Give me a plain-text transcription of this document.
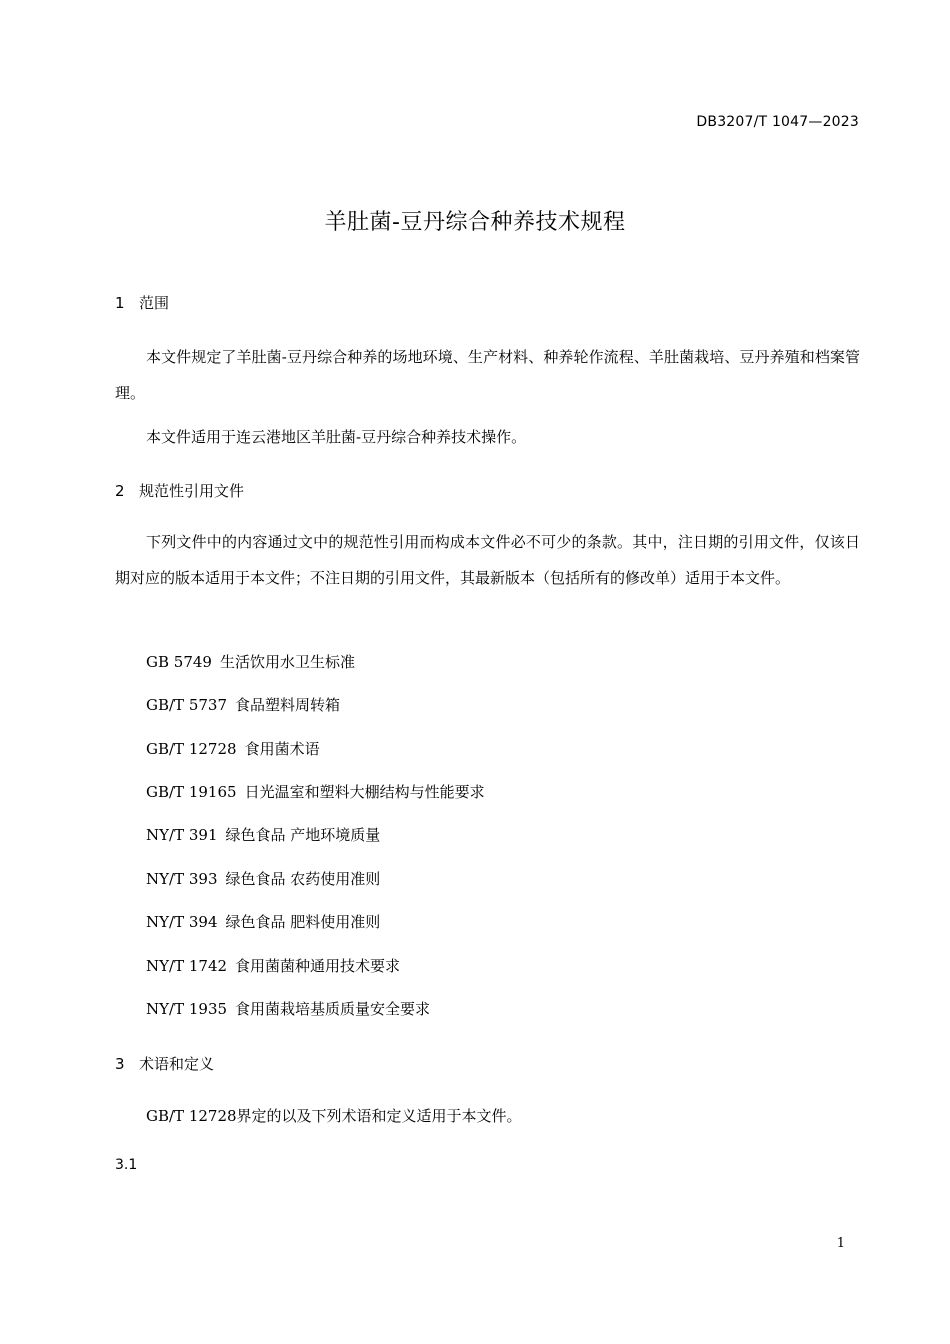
DB3207/T 1047—2023
羊肚菌-豆丹综合种养技术规程
1 范围
本文件规定了羊肚菌-豆丹综合种养的场地环境、生产材料、种养轮作流程、羊肚菌栽培、豆丹养殖和档案管理。
本文件适用于连云港地区羊肚菌-豆丹综合种养技术操作。
2 规范性引用文件
下列文件中的内容通过文中的规范性引用而构成本文件必不可少的条款。其中，注日期的引用文件，仅该日期对应的版本适用于本文件；不注日期的引用文件，其最新版本（包括所有的修改单）适用于本文件。
GB 5749 生活饮用水卫生标准
GB/T 5737 食品塑料周转箱
GB/T 12728 食用菌术语
GB/T 19165 日光温室和塑料大棚结构与性能要求
NY/T 391 绿色食品 产地环境质量
NY/T 393 绿色食品 农药使用准则
NY/T 394 绿色食品 肥料使用准则
NY/T 1742 食用菌菌种通用技术要求
NY/T 1935 食用菌栽培基质质量安全要求
3 术语和定义
GB/T 12728界定的以及下列术语和定义适用于本文件。
3.1
1
